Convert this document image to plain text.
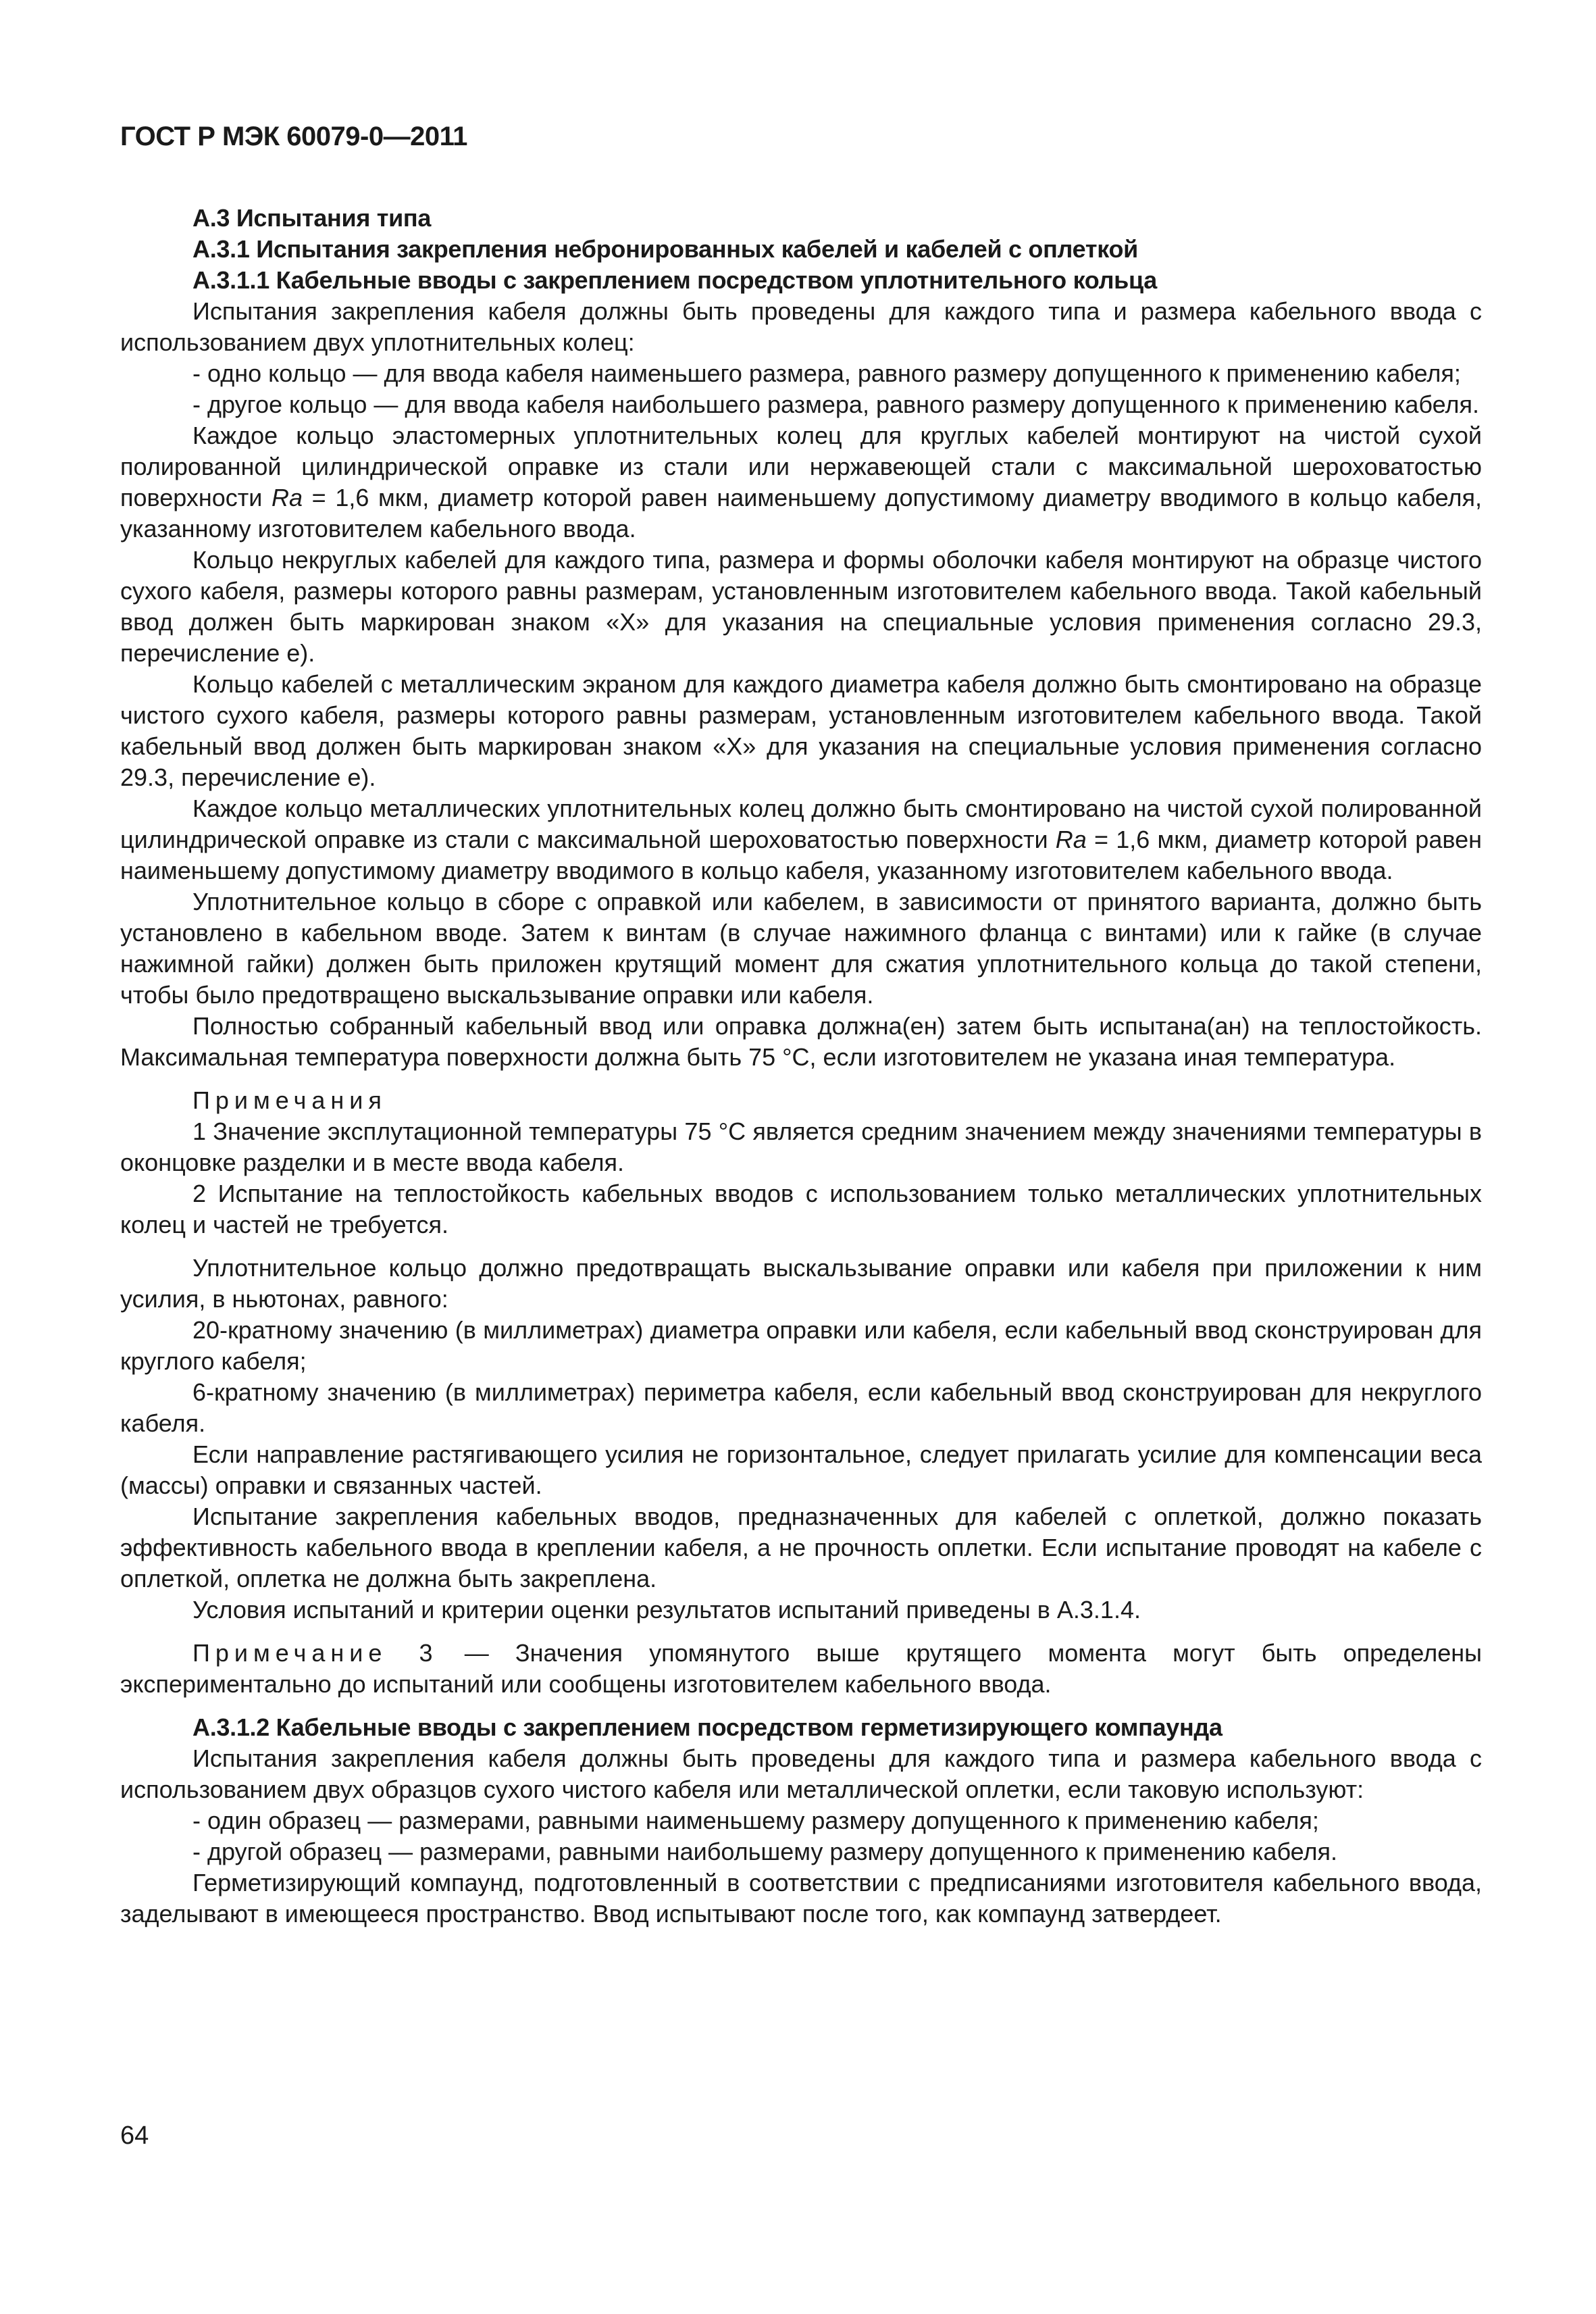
ГОСТ Р МЭК 60079-0—2011

А.3 Испытания типа

А.3.1 Испытания закрепления небронированных кабелей и кабелей с оплеткой

А.3.1.1 Кабельные вводы с закреплением посредством уплотнительного кольца

Испытания закрепления кабеля должны быть проведены для каждого типа и размера кабельного ввода с использованием двух уплотнительных колец:

- одно кольцо — для ввода кабеля наименьшего размера, равного размеру допущенного к применению кабеля;

- другое кольцо — для ввода кабеля наибольшего размера, равного размеру допущенного к применению кабеля.

Каждое кольцо эластомерных уплотнительных колец для круглых кабелей монтируют на чистой сухой полированной цилиндрической оправке из стали или нержавеющей стали с максимальной шероховатостью поверхности Ra = 1,6 мкм, диаметр которой равен наименьшему допустимому диаметру вводимого в кольцо кабеля, указанному изготовителем кабельного ввода.

Кольцо некруглых кабелей для каждого типа, размера и формы оболочки кабеля монтируют на образце чистого сухого кабеля, размеры которого равны размерам, установленным изготовителем кабельного ввода. Такой кабельный ввод должен быть маркирован знаком «X» для указания на специальные условия применения согласно 29.3, перечисление е).

Кольцо кабелей с металлическим экраном для каждого диаметра кабеля должно быть смонтировано на образце чистого сухого кабеля, размеры которого равны размерам, установленным изготовителем кабельного ввода. Такой кабельный ввод должен быть маркирован знаком «X» для указания на специальные условия применения согласно 29.3, перечисление е).

Каждое кольцо металлических уплотнительных колец должно быть смонтировано на чистой сухой полированной цилиндрической оправке из стали с максимальной шероховатостью поверхности Ra = 1,6 мкм, диаметр которой равен наименьшему допустимому диаметру вводимого в кольцо кабеля, указанному изготовителем кабельного ввода.

Уплотнительное кольцо в сборе с оправкой или кабелем, в зависимости от принятого варианта, должно быть установлено в кабельном вводе. Затем к винтам (в случае нажимного фланца с винтами) или к гайке (в случае нажимной гайки) должен быть приложен крутящий момент для сжатия уплотнительного кольца до такой степени, чтобы было предотвращено выскальзывание оправки или кабеля.

Полностью собранный кабельный ввод или оправка должна(ен) затем быть испытана(ан) на теплостойкость. Максимальная температура поверхности должна быть 75 °С, если изготовителем не указана иная температура.

Примечания

1 Значение эксплутационной температуры 75 °С является средним значением между значениями температуры в оконцовке разделки и в месте ввода кабеля.

2 Испытание на теплостойкость кабельных вводов с использованием только металлических уплотнительных колец и частей не требуется.

Уплотнительное кольцо должно предотвращать выскальзывание оправки или кабеля при приложении к ним усилия, в ньютонах, равного:

20-кратному значению (в миллиметрах) диаметра оправки или кабеля, если кабельный ввод сконструирован для круглого кабеля;

6-кратному значению (в миллиметрах) периметра кабеля, если кабельный ввод сконструирован для некруглого кабеля.

Если направление растягивающего усилия не горизонтальное, следует прилагать усилие для компенсации веса (массы) оправки и связанных частей.

Испытание закрепления кабельных вводов, предназначенных для кабелей с оплеткой, должно показать эффективность кабельного ввода в креплении кабеля, а не прочность оплетки. Если испытание проводят на кабеле с оплеткой, оплетка не должна быть закреплена.

Условия испытаний и критерии оценки результатов испытаний приведены в А.3.1.4.

Примечание 3 — Значения упомянутого выше крутящего момента могут быть определены экспериментально до испытаний или сообщены изготовителем кабельного ввода.

А.3.1.2 Кабельные вводы с закреплением посредством герметизирующего компаунда

Испытания закрепления кабеля должны быть проведены для каждого типа и размера кабельного ввода с использованием двух образцов сухого чистого кабеля или металлической оплетки, если таковую используют:

- один образец — размерами, равными наименьшему размеру допущенного к применению кабеля;

- другой образец — размерами, равными наибольшему размеру допущенного к применению кабеля.

Герметизирующий компаунд, подготовленный в соответствии с предписаниями изготовителя кабельного ввода, заделывают в имеющееся пространство. Ввод испытывают после того, как компаунд затвердеет.

64
